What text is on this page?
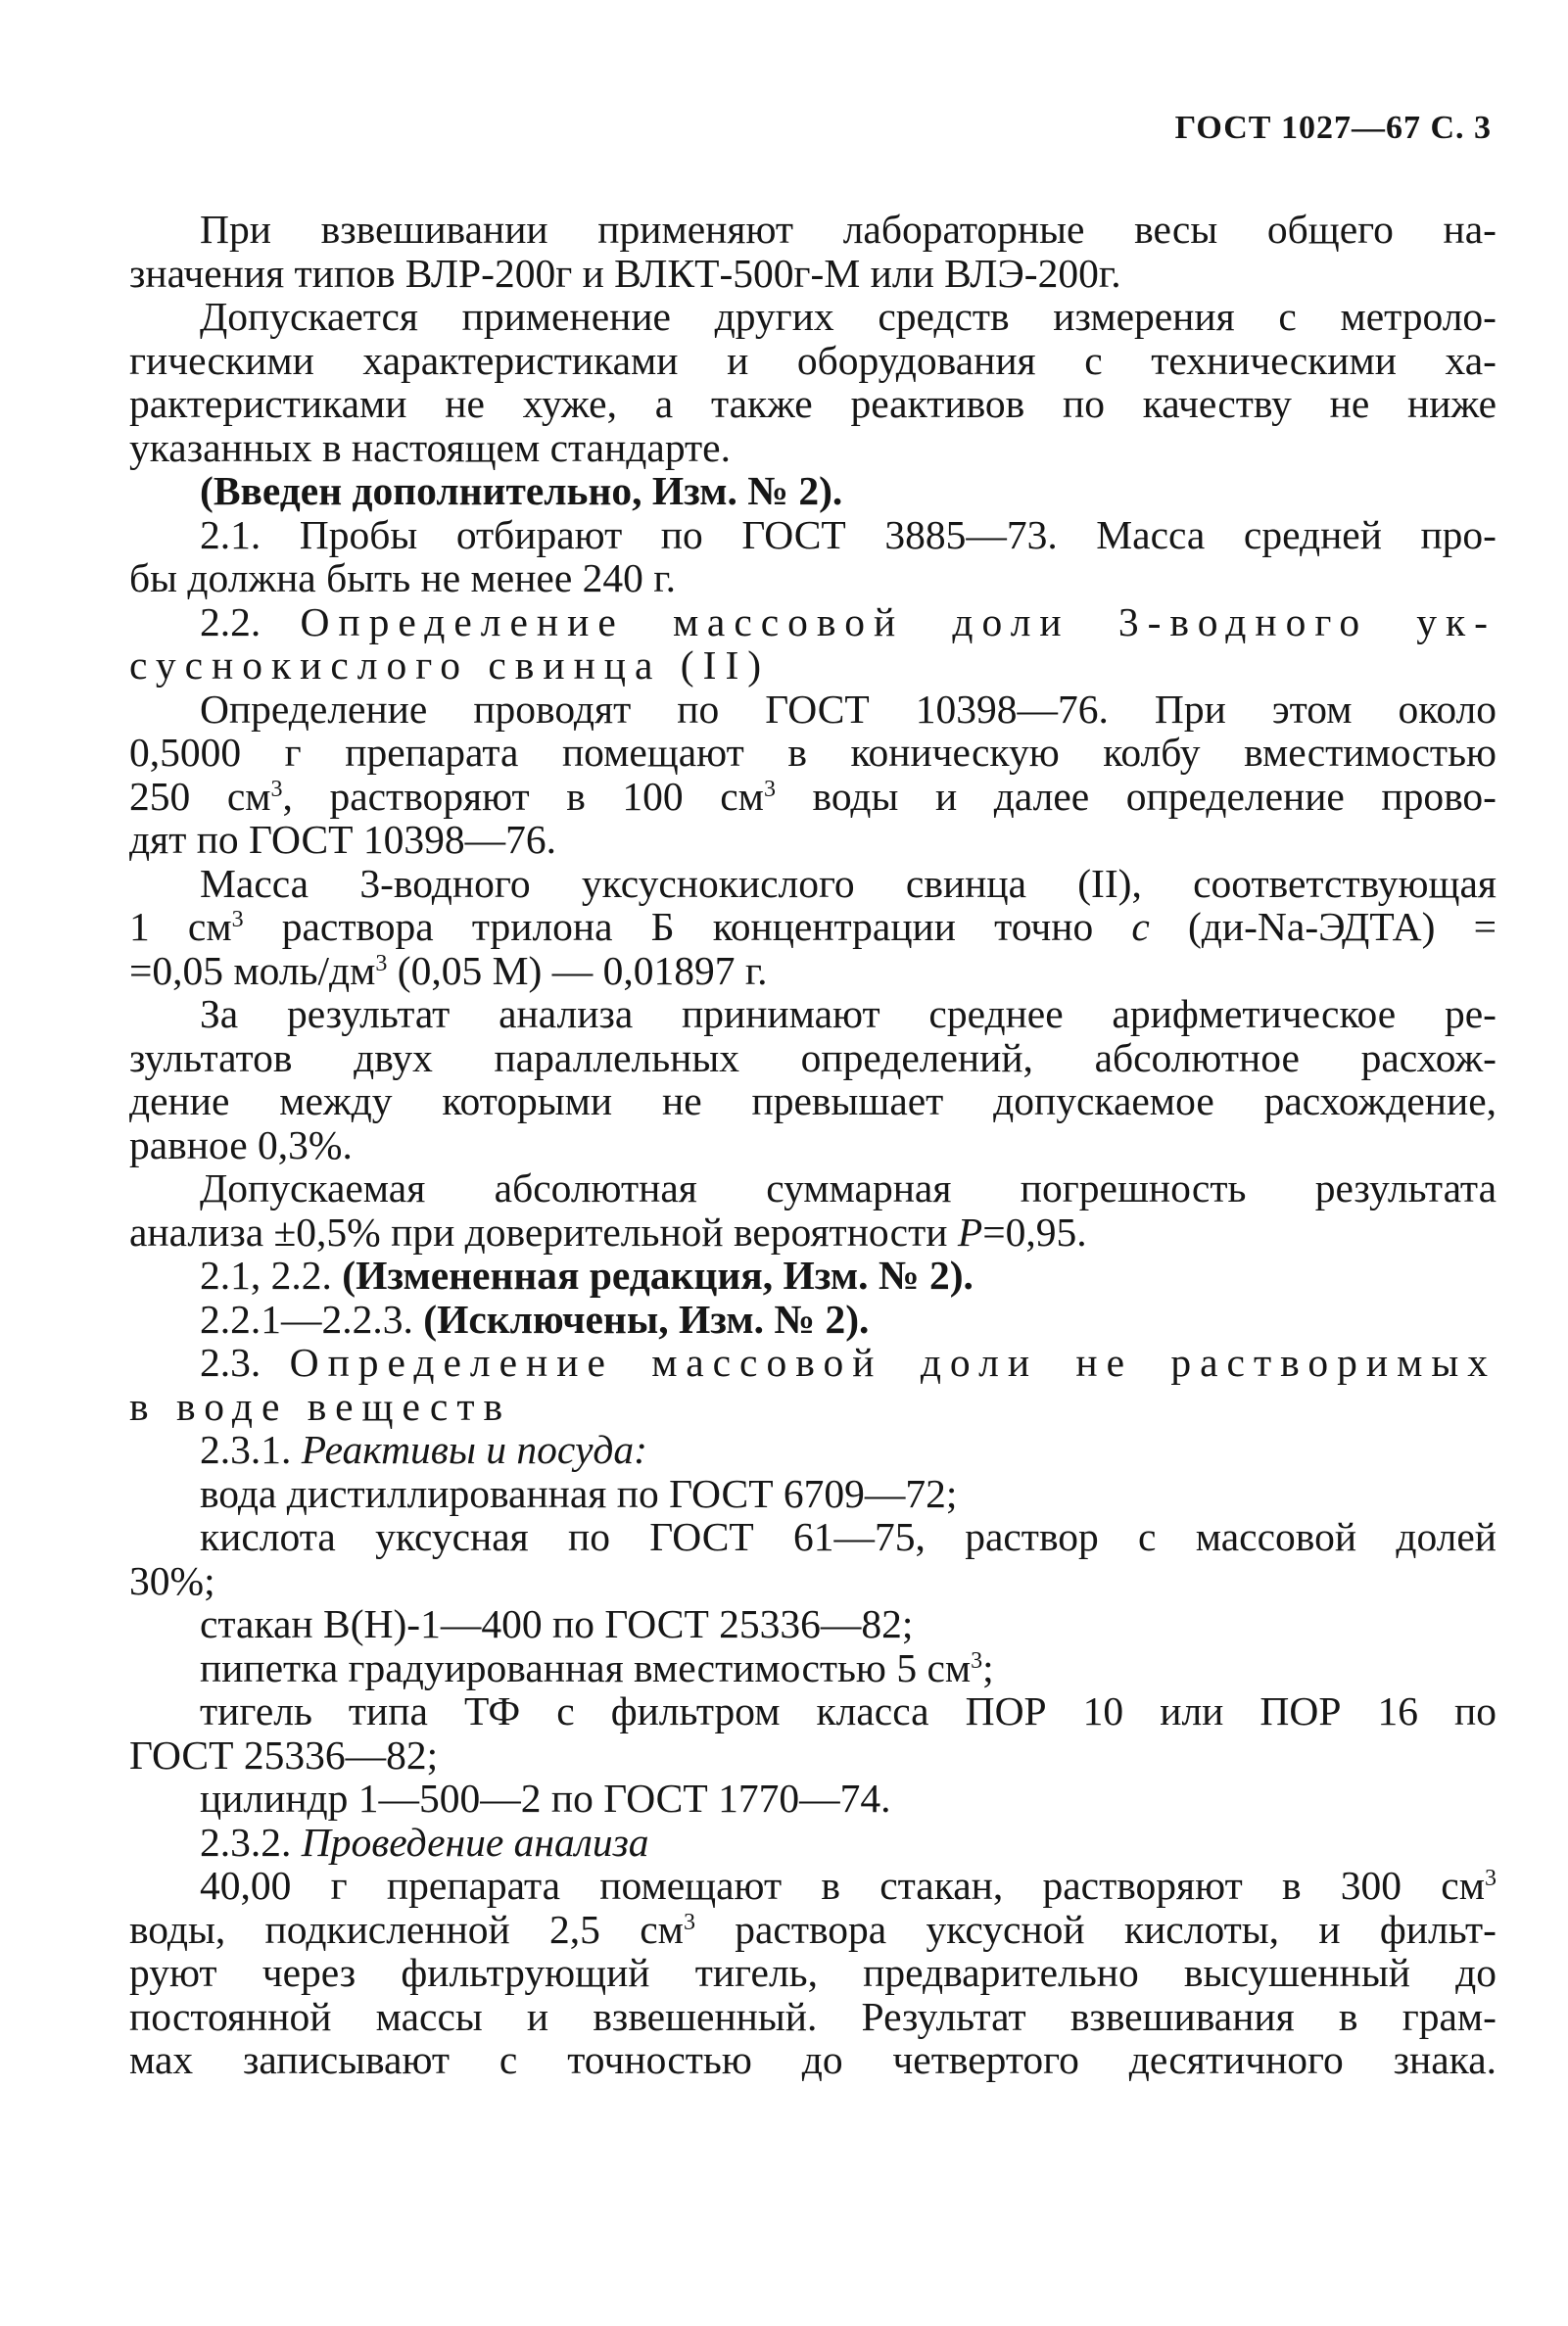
ГОСТ 1027—67 С. 3
При взвешивании применяют лабораторные весы общего на-
значения типов ВЛР-200г и ВЛКТ-500г-М или ВЛЭ-200г.
Допускается применение других средств измерения с метроло-
гическими характеристиками и оборудования с техническими ха-
рактеристиками не хуже, а также реактивов по качеству не ниже
указанных в настоящем стандарте.
(Введен дополнительно, Изм. № 2).
2.1. Пробы отбирают по ГОСТ 3885—73. Масса средней про-
бы должна быть не менее 240 г.
2.2. Определение массовой доли 3-водного ук-
суснокислого свинца (II)
Определение проводят по ГОСТ 10398—76. При этом около
0,5000 г препарата помещают в коническую колбу вместимостью
250 $см^3$, растворяют в 100 $см^3$ воды и далее определение прово-
дят по ГОСТ 10398—76.
Масса 3-водного уксуснокислого свинца (II), соответствующая
1 $см^3$ раствора трилона Б концентрации точно c (ди-Na-ЭДТА) =
=0,05 моль/$дм^3$ (0,05 М) — 0,01897 г.
За результат анализа принимают среднее арифметическое ре-
зультатов двух параллельных определений, абсолютное расхож-
дение между которыми не превышает допускаемое расхождение,
равное 0,3%.
Допускаемая абсолютная суммарная погрешность результата
анализа ±0,5% при доверительной вероятности P=0,95.
2.1, 2.2. (Измененная редакция, Изм. № 2).
2.2.1—2.2.3. (Исключены, Изм. № 2).
2.3. Определение массовой доли не растворимых
в воде веществ
2.3.1. Реактивы и посуда:
вода дистиллированная по ГОСТ 6709—72;
кислота уксусная по ГОСТ 61—75, раствор с массовой долей
30%;
стакан В(Н)-1—400 по ГОСТ 25336—82;
пипетка градуированная вместимостью 5 $см^3$;
тигель типа ТФ с фильтром класса ПОР 10 или ПОР 16 по
ГОСТ 25336—82;
цилиндр 1—500—2 по ГОСТ 1770—74.
2.3.2. Проведение анализа
40,00 г препарата помещают в стакан, растворяют в 300 $см^3$
воды, подкисленной 2,5 $см^3$ раствора уксусной кислоты, и фильт-
руют через фильтрующий тигель, предварительно высушенный до
постоянной массы и взвешенный. Результат взвешивания в грам-
мах записывают с точностью до четвертого десятичного знака.
